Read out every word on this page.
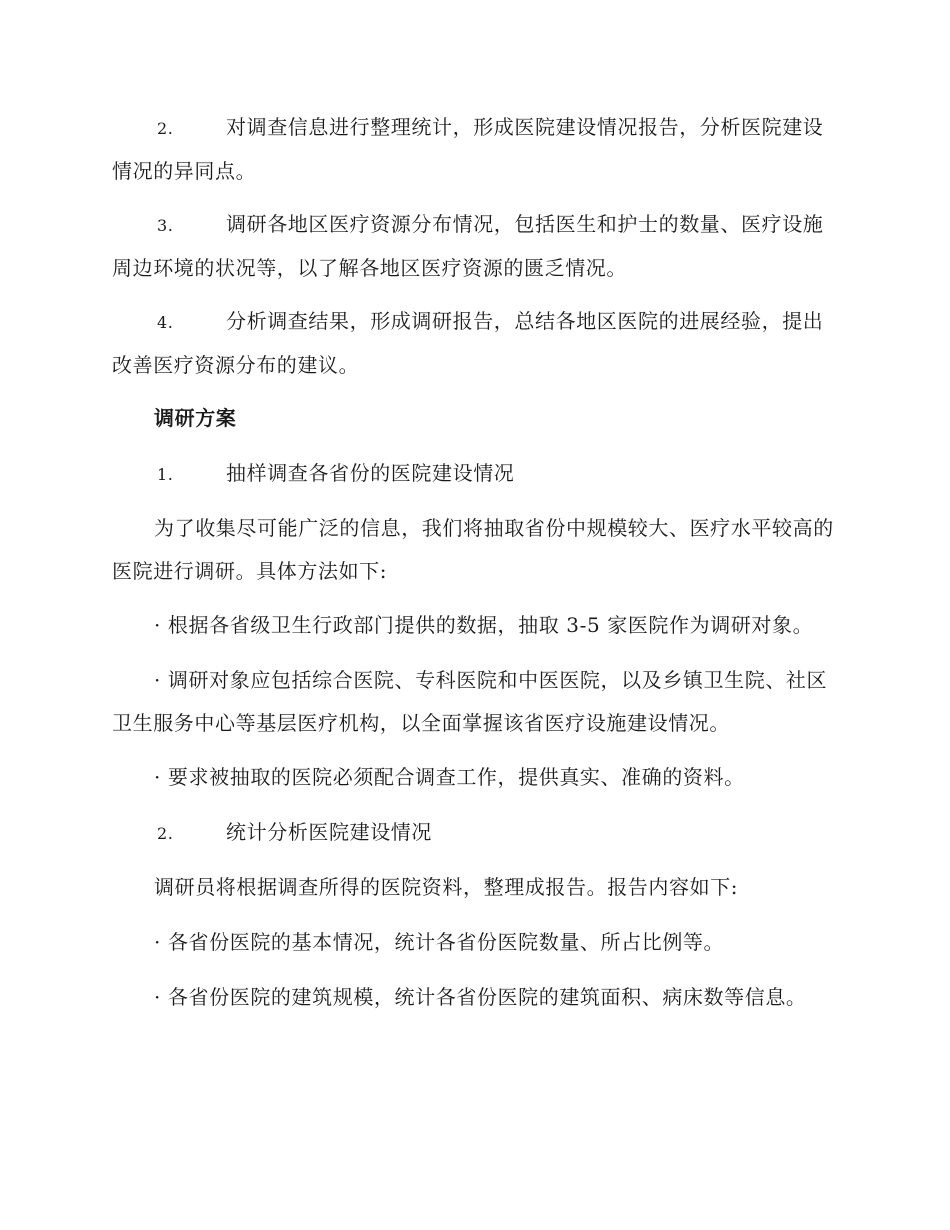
2.	对调查信息进行整理统计，形成医院建设情况报告，分析医院建设情况的异同点。

3.	调研各地区医疗资源分布情况，包括医生和护士的数量、医疗设施周边环境的状况等，以了解各地区医疗资源的匮乏情况。

4.	分析调查结果，形成调研报告，总结各地区医院的进展经验，提出改善医疗资源分布的建议。

调研方案

1.	抽样调查各省份的医院建设情况

为了收集尽可能广泛的信息，我们将抽取省份中规模较大、医疗水平较高的医院进行调研。具体方法如下:

· 根据各省级卫生行政部门提供的数据，抽取 3-5 家医院作为调研对象。

· 调研对象应包括综合医院、专科医院和中医医院，以及乡镇卫生院、社区卫生服务中心等基层医疗机构，以全面掌握该省医疗设施建设情况。

· 要求被抽取的医院必须配合调查工作，提供真实、准确的资料。

2.	统计分析医院建设情况

调研员将根据调查所得的医院资料，整理成报告。报告内容如下:

· 各省份医院的基本情况，统计各省份医院数量、所占比例等。

· 各省份医院的建筑规模，统计各省份医院的建筑面积、病床数等信息。
